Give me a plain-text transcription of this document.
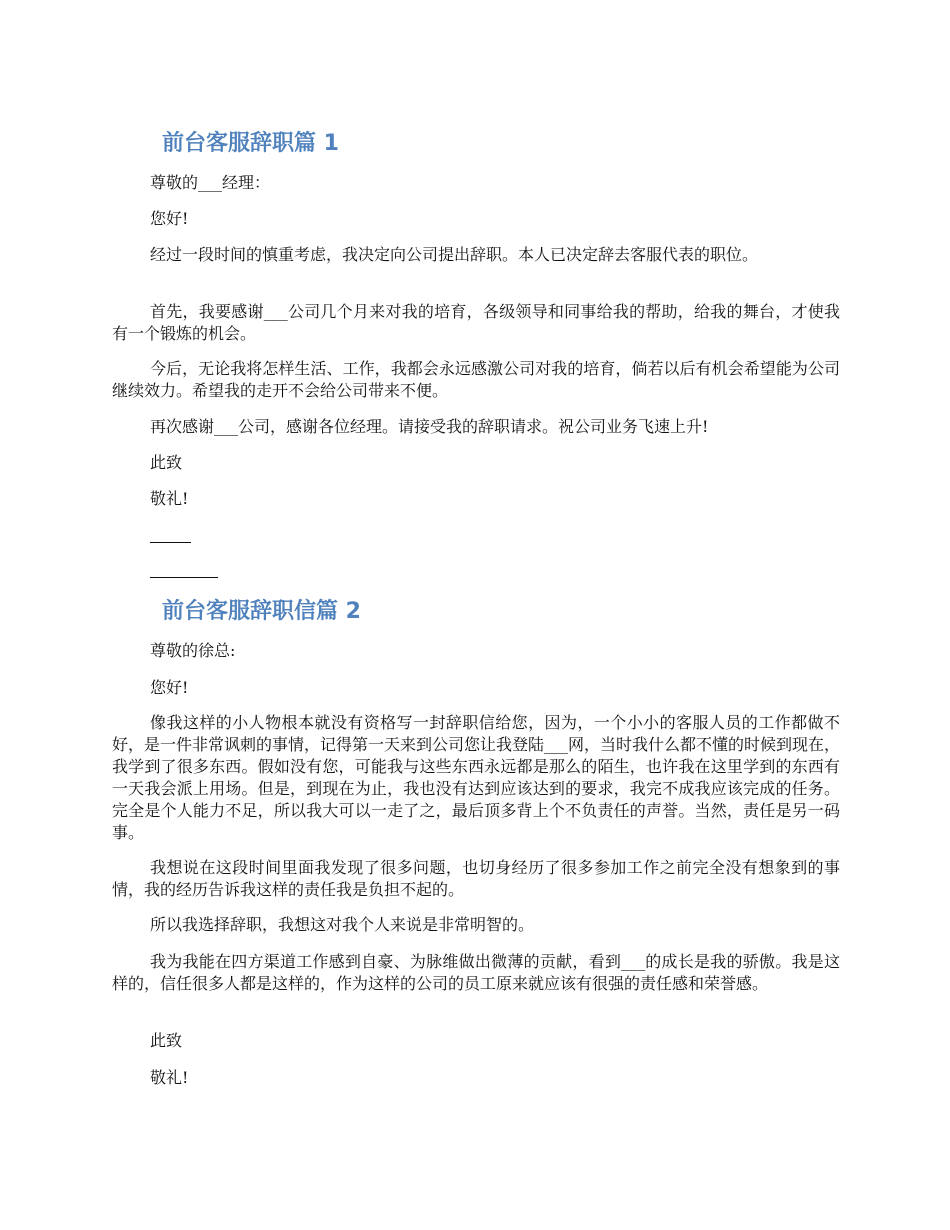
前台客服辞职篇 1
尊敬的___经理：
您好!
经过一段时间的慎重考虑，我决定向公司提出辞职。本人已决定辞去客服代表的职位。
首先，我要感谢___公司几个月来对我的培育，各级领导和同事给我的帮助，给我的舞台，才使我有一个锻炼的机会。
今后，无论我将怎样生活、工作，我都会永远感激公司对我的培育，倘若以后有机会希望能为公司继续效力。希望我的走开不会给公司带来不便。
再次感谢___公司，感谢各位经理。请接受我的辞职请求。祝公司业务飞速上升!
此致
敬礼!
前台客服辞职信篇 2
尊敬的徐总:
您好!
像我这样的小人物根本就没有资格写一封辞职信给您，因为，一个小小的客服人员的工作都做不好，是一件非常讽刺的事情，记得第一天来到公司您让我登陆___网，当时我什么都不懂的时候到现在，我学到了很多东西。假如没有您，可能我与这些东西永远都是那么的陌生，也许我在这里学到的东西有一天我会派上用场。但是，到现在为止，我也没有达到应该达到的要求，我完不成我应该完成的任务。完全是个人能力不足，所以我大可以一走了之，最后顶多背上个不负责任的声誉。当然，责任是另一码事。
我想说在这段时间里面我发现了很多问题，也切身经历了很多参加工作之前完全没有想象到的事情，我的经历告诉我这样的责任我是负担不起的。
所以我选择辞职，我想这对我个人来说是非常明智的。
我为我能在四方渠道工作感到自豪、为脉维做出微薄的贡献，看到___的成长是我的骄傲。我是这样的，信任很多人都是这样的，作为这样的公司的员工原来就应该有很强的责任感和荣誉感。
此致
敬礼!
